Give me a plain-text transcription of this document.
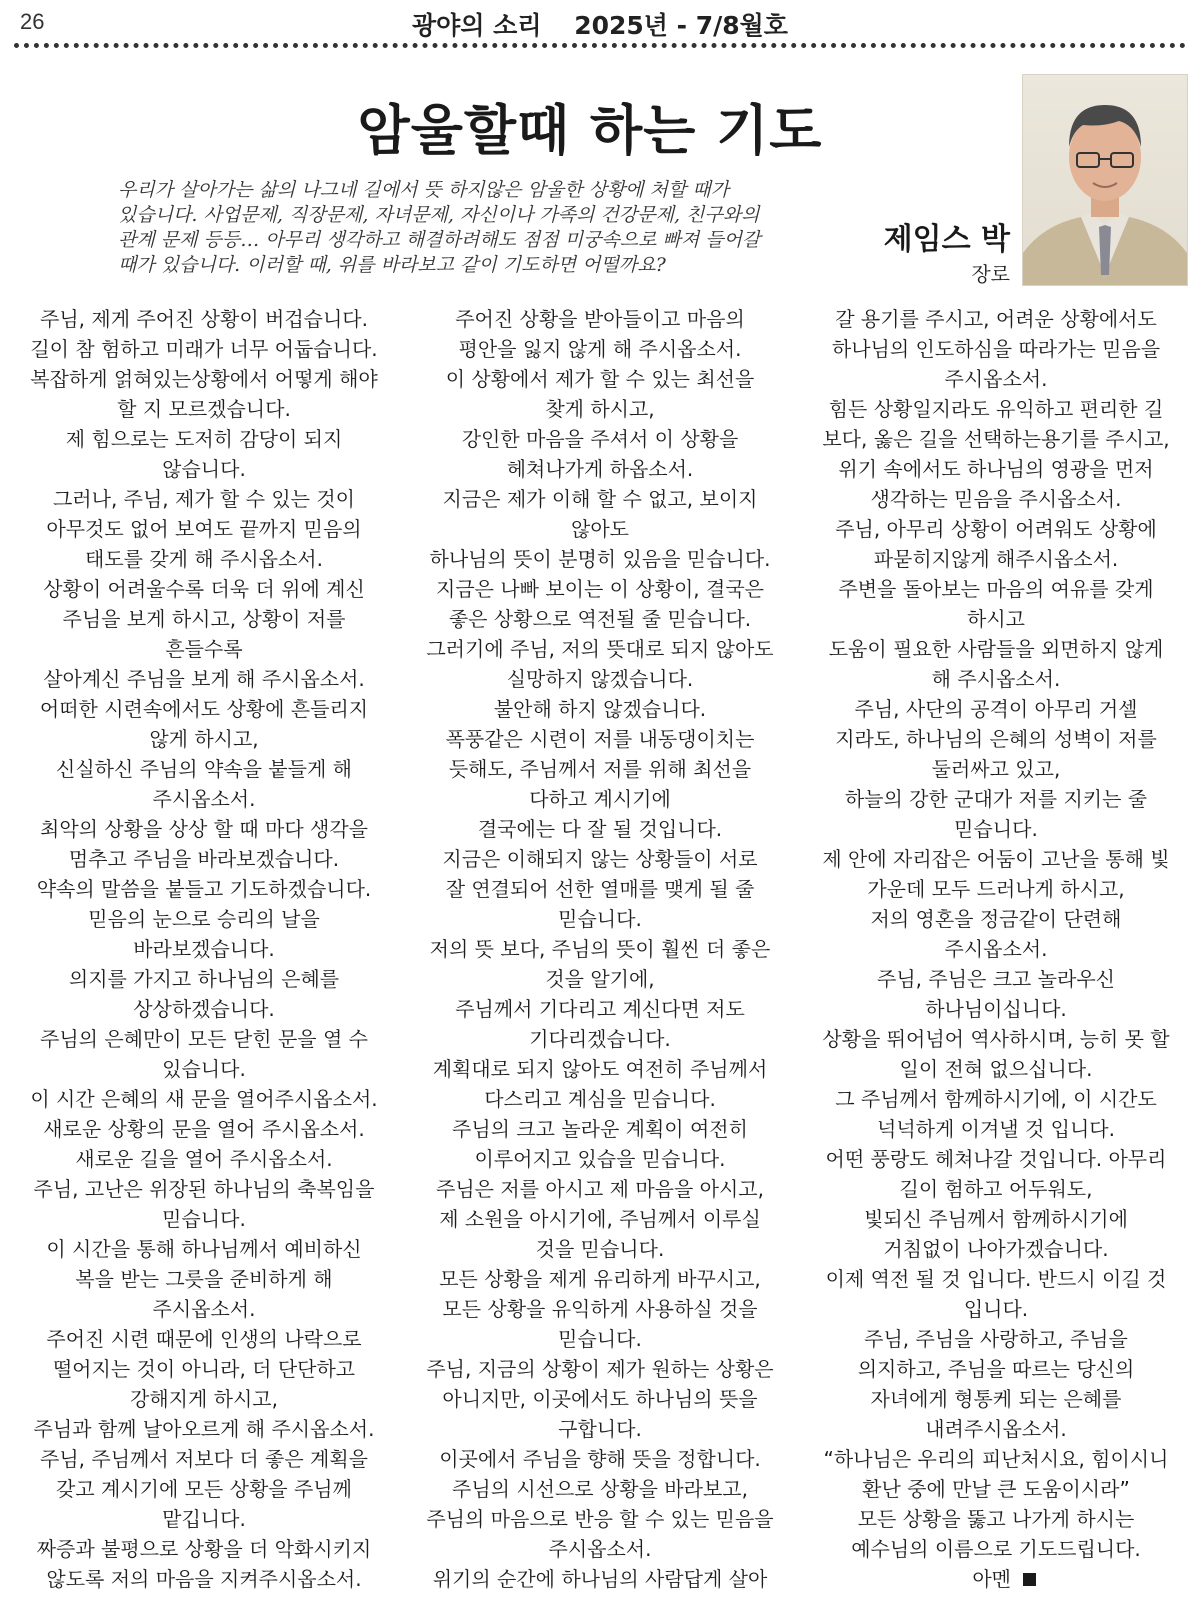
26	광야의 소리 2025년 - 7/8월호
암울할때 하는 기도
우리가 살아가는 삶의 나그네 길에서 뜻 하지않은 암울한 상황에 처할 때가
있습니다. 사업문제, 직장문제, 자녀문제, 자신이나 가족의 건강문제, 친구와의
관계 문제 등등… 아무리 생각하고 해결하려해도 점점 미궁속으로 빠져 들어갈
때가 있습니다. 이러할 때, 위를 바라보고 같이 기도하면 어떨까요?
제임스 박
장로
주님, 제게 주어진 상황이 버겁습니다.
길이 참 험하고 미래가 너무 어둡습니다.
복잡하게 얽혀있는상황에서 어떻게 해야
할 지 모르겠습니다.
제 힘으로는 도저히 감당이 되지
않습니다.
그러나, 주님, 제가 할 수 있는 것이
아무것도 없어 보여도 끝까지 믿음의
태도를 갖게 해 주시옵소서.
상황이 어려울수록 더욱 더 위에 계신
주님을 보게 하시고, 상황이 저를
흔들수록
살아계신 주님을 보게 해 주시옵소서.
어떠한 시련속에서도 상황에 흔들리지
않게 하시고,
신실하신 주님의 약속을 붙들게 해
주시옵소서.
최악의 상황을 상상 할 때 마다 생각을
멈추고 주님을 바라보겠습니다.
약속의 말씀을 붙들고 기도하겠습니다.
믿음의 눈으로 승리의 날을
바라보겠습니다.
의지를 가지고 하나님의 은혜를
상상하겠습니다.
주님의 은혜만이 모든 닫힌 문을 열 수
있습니다.
이 시간 은혜의 새 문을 열어주시옵소서.
새로운 상황의 문을 열어 주시옵소서.
새로운 길을 열어 주시옵소서.
주님, 고난은 위장된 하나님의 축복임을
믿습니다.
이 시간을 통해 하나님께서 예비하신
복을 받는 그릇을 준비하게 해
주시옵소서.
주어진 시련 때문에 인생의 나락으로
떨어지는 것이 아니라, 더 단단하고
강해지게 하시고,
주님과 함께 날아오르게 해 주시옵소서.
주님, 주님께서 저보다 더 좋은 계획을
갖고 계시기에 모든 상황을 주님께
맡깁니다.
짜증과 불평으로 상황을 더 악화시키지
않도록 저의 마음을 지켜주시옵소서.
주어진 상황을 받아들이고 마음의
평안을 잃지 않게 해 주시옵소서.
이 상황에서 제가 할 수 있는 최선을
찾게 하시고,
강인한 마음을 주셔서 이 상황을
헤쳐나가게 하옵소서.
지금은 제가 이해 할 수 없고, 보이지
않아도
하나님의 뜻이 분명히 있음을 믿습니다.
지금은 나빠 보이는 이 상황이, 결국은
좋은 상황으로 역전될 줄 믿습니다.
그러기에 주님, 저의 뜻대로 되지 않아도
실망하지 않겠습니다.
불안해 하지 않겠습니다.
폭풍같은 시련이 저를 내동댕이치는
듯해도, 주님께서 저를 위해 최선을
다하고 계시기에
결국에는 다 잘 될 것입니다.
지금은 이해되지 않는 상황들이 서로
잘 연결되어 선한 열매를 맺게 될 줄
믿습니다.
저의 뜻 보다, 주님의 뜻이 훨씬 더 좋은
것을 알기에,
주님께서 기다리고 계신다면 저도
기다리겠습니다.
계획대로 되지 않아도 여전히 주님께서
다스리고 계심을 믿습니다.
주님의 크고 놀라운 계획이 여전히
이루어지고 있습을 믿습니다.
주님은 저를 아시고 제 마음을 아시고,
제 소원을 아시기에, 주님께서 이루실
것을 믿습니다.
모든 상황을 제게 유리하게 바꾸시고,
모든 상황을 유익하게 사용하실 것을
믿습니다.
주님, 지금의 상황이 제가 원하는 상황은
아니지만, 이곳에서도 하나님의 뜻을
구합니다.
이곳에서 주님을 향해 뜻을 정합니다.
주님의 시선으로 상황을 바라보고,
주님의 마음으로 반응 할 수 있는 믿음을
주시옵소서.
위기의 순간에 하나님의 사람답게 살아
갈 용기를 주시고, 어려운 상황에서도
하나님의 인도하심을 따라가는 믿음을
주시옵소서.
힘든 상황일지라도 유익하고 편리한 길
보다, 옳은 길을 선택하는용기를 주시고,
위기 속에서도 하나님의 영광을 먼저
생각하는 믿음을 주시옵소서.
주님, 아무리 상황이 어려워도 상황에
파묻히지않게 해주시옵소서.
주변을 돌아보는 마음의 여유를 갖게
하시고
도움이 필요한 사람들을 외면하지 않게
해 주시옵소서.
주님, 사단의 공격이 아무리 거셀
지라도, 하나님의 은혜의 성벽이 저를
둘러싸고 있고,
하늘의 강한 군대가 저를 지키는 줄
믿습니다.
제 안에 자리잡은 어둠이 고난을 통해 빛
가운데 모두 드러나게 하시고,
저의 영혼을 정금같이 단련해
주시옵소서.
주님, 주님은 크고 놀라우신
하나님이십니다.
상황을 뛰어넘어 역사하시며, 능히 못 할
일이 전혀 없으십니다.
그 주님께서 함께하시기에, 이 시간도
넉넉하게 이겨낼 것 입니다.
어떤 풍랑도 헤쳐나갈 것입니다. 아무리
길이 험하고 어두워도,
빛되신 주님께서 함께하시기에
거침없이 나아가겠습니다.
이제 역전 될 것 입니다. 반드시 이길 것
입니다.
주님, 주님을 사랑하고, 주님을
의지하고, 주님을 따르는 당신의
자녀에게 형통케 되는 은혜를
내려주시옵소서.
“하나님은 우리의 피난처시요, 힘이시니
환난 중에 만날 큰 도움이시라”
모든 상황을 뚫고 나가게 하시는
예수님의 이름으로 기도드립니다.
아멘
